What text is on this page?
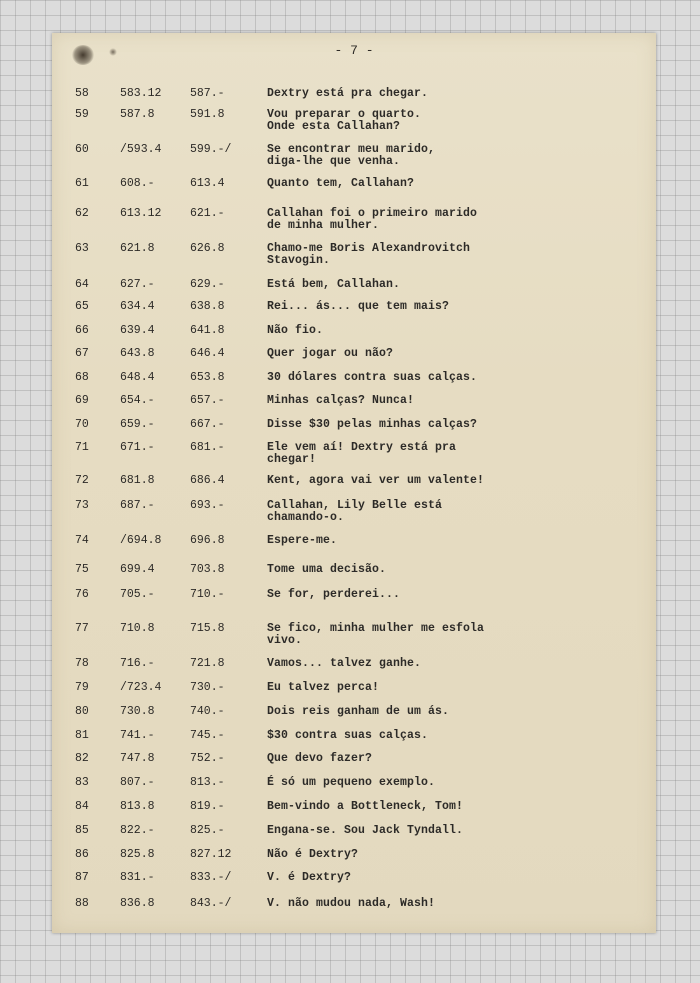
- 7 -
58	583.12 587.-	Dextry está pra chegar.
59	587.8	591.8	Vou preparar o quarto.
Onde esta Callahan?
60	/593.4 599.-/	Se encontrar meu marido,
diga-lhe que venha.
61	608.-	613.4	Quanto tem, Callahan?
62	613.12 621.-	Callahan foi o primeiro marido
de minha mulher.
63	621.8	626.8	Chamo-me Boris Alexandrovitch
Stavogin.
64	627.-	629.-	Está bem, Callahan.
65	634.4	638.8	Rei... ás... que tem mais?
66	639.4	641.8	Não fio.
67	643.8	646.4	Quer jogar ou não?
68	648.4	653.8	30 dólares contra suas calças.
69	654.-	657.-	Minhas calças? Nunca!
70	659.-	667.-	Disse $30 pelas minhas calças?
71	671.-	681.-	Ele vem aí! Dextry está pra
chegar!
72	681.8	686.4	Kent, agora vai ver um valente!
73	687.-	693.-	Callahan, Lily Belle está
chamando-o.
74	/694.8 696.8	Espere-me.
75	699.4	703.8	Tome uma decisão.
76	705.-	710.-	Se for, perderei...
77	710.8	715.8	Se fico, minha mulher me esfola
vivo.
78	716.-	721.8	Vamos... talvez ganhe.
79	/723.4 730.-	Eu talvez perca!
80	730.8	740.-	Dois reis ganham de um ás.
81	741.-	745.-	$30 contra suas calças.
82	747.8	752.-	Que devo fazer?
83	807.-	813.-	É só um pequeno exemplo.
84	813.8	819.-	Bem-vindo a Bottleneck, Tom!
85	822.-	825.-	Engana-se. Sou Jack Tyndall.
86	825.8	827.12	Não é Dextry?
87	831.-	833.-/	V. é Dextry?
88	836.8	843.-/	V. não mudou nada, Wash!
